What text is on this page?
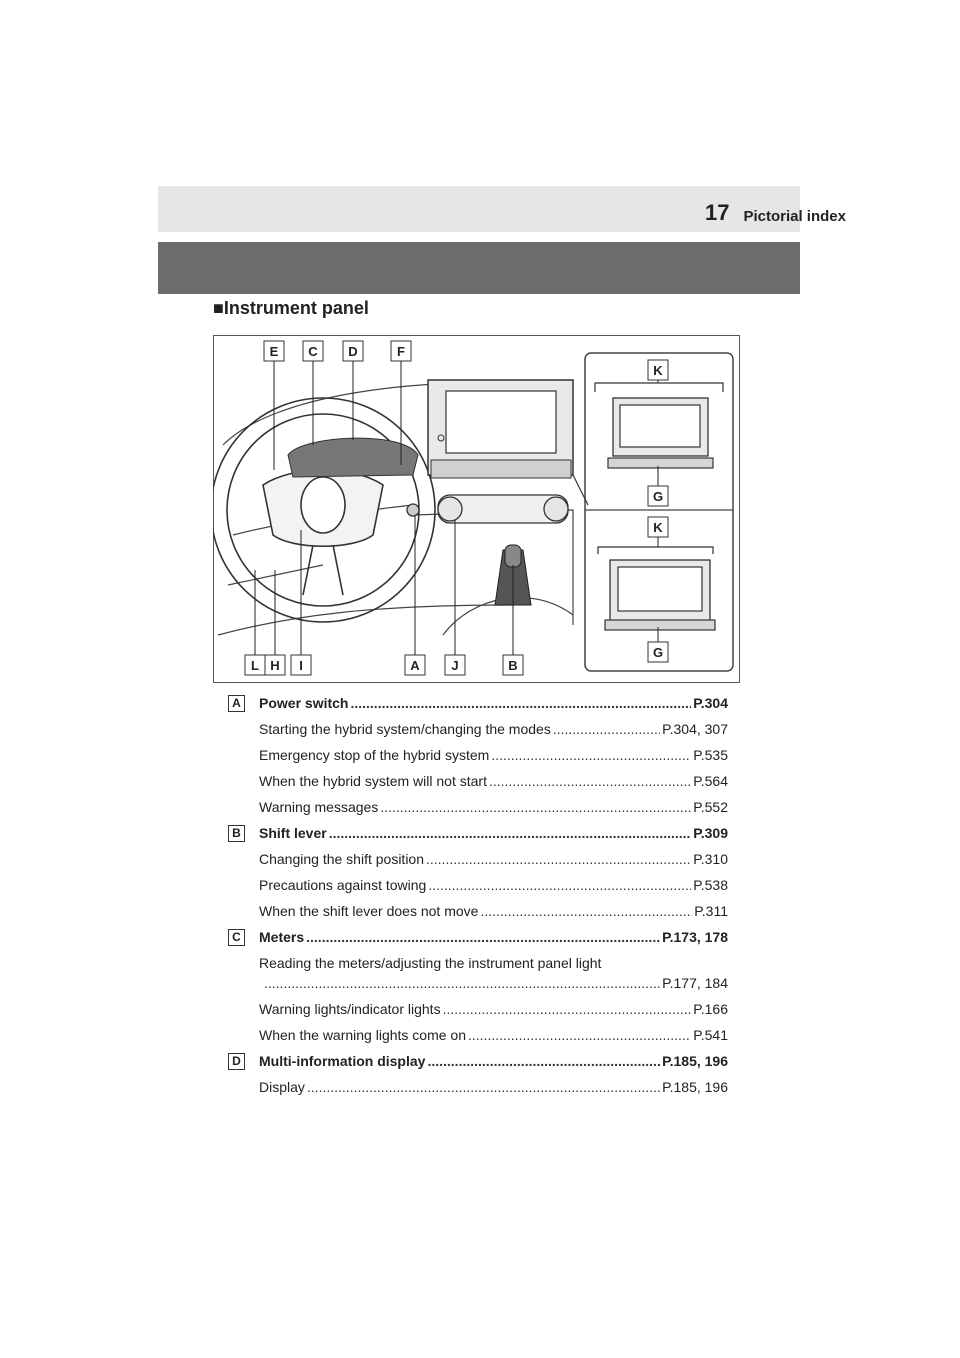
Pictorial index
17
■Instrument panel
E C D	F
K
G
K
G
L H I	A J	B
A Power switch .....	P.304
Starting the hybrid system/changing the modes .....	P.304, 307
Emergency stop of the hybrid system .....	P.535
When the hybrid system will not start .....	P.564
Warning messages .....	P.552
B Shift lever .....	P.309
Changing the shift position .....	P.310
Precautions against towing .....	P.538
When the shift lever does not move .....	P.311
C Meters .....	P.173, 178
Reading the meters/adjusting the instrument panel light
.....
P.177, 184
Warning lights/indicator lights .....	P.166
When the warning lights come on .....	P.541
D Multi-information display .....	P.185, 196
Display .....	P.185, 196
